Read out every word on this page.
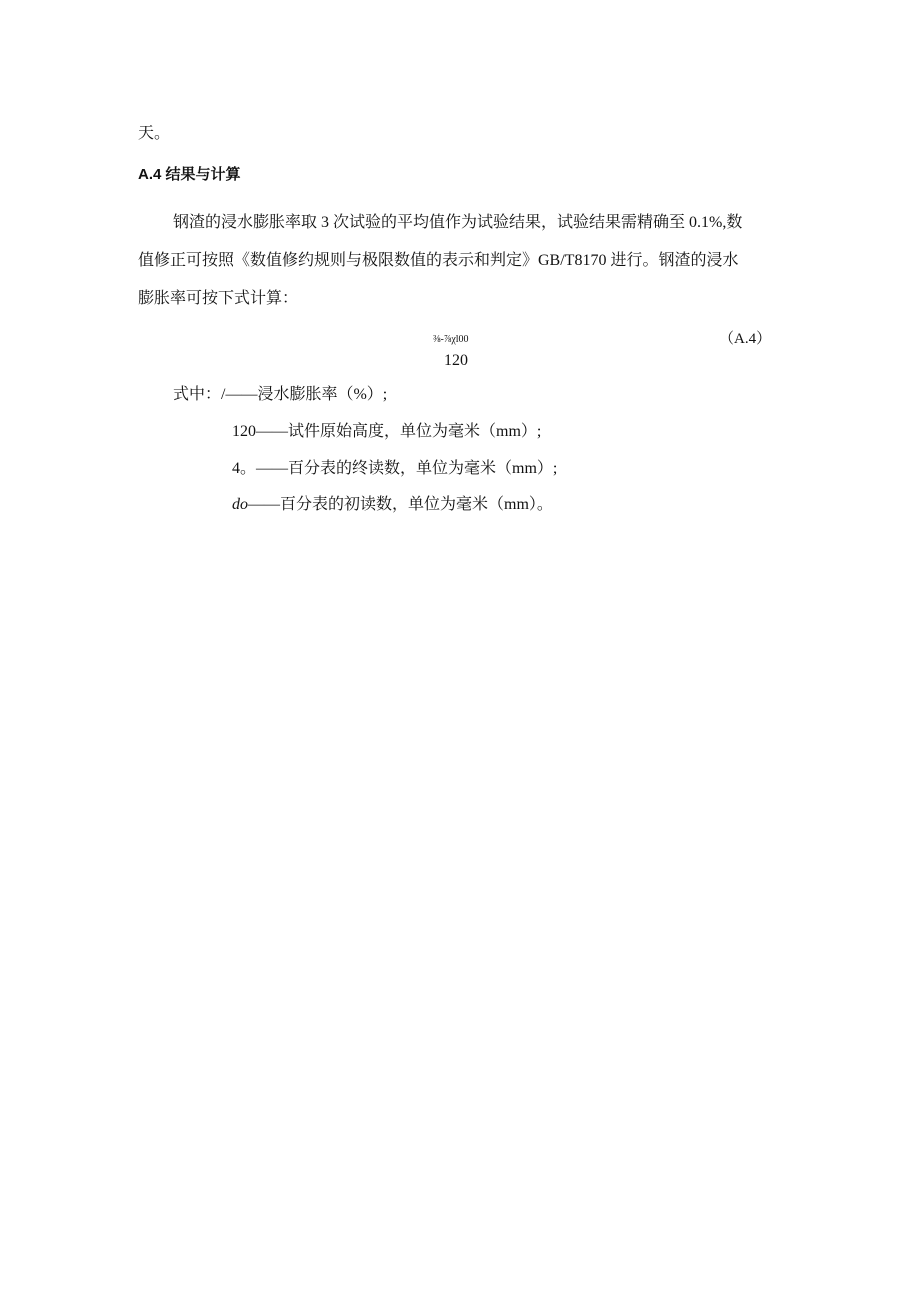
天。
A.4 结果与计算
钢渣的浸水膨胀率取 3 次试验的平均值作为试验结果，试验结果需精确至 0.1%,数
值修正可按照《数值修约规则与极限数值的表示和判定》GB/T8170 进行。钢渣的浸水
膨胀率可按下式计算：
⅜-⅞χl00
120
（A.4）
式中：/——浸水膨胀率（%）;
120——试件原始高度，单位为毫米（mm）;
4。——百分表的终读数，单位为毫米（mm）;
do——百分表的初读数，单位为毫米（mm）。
